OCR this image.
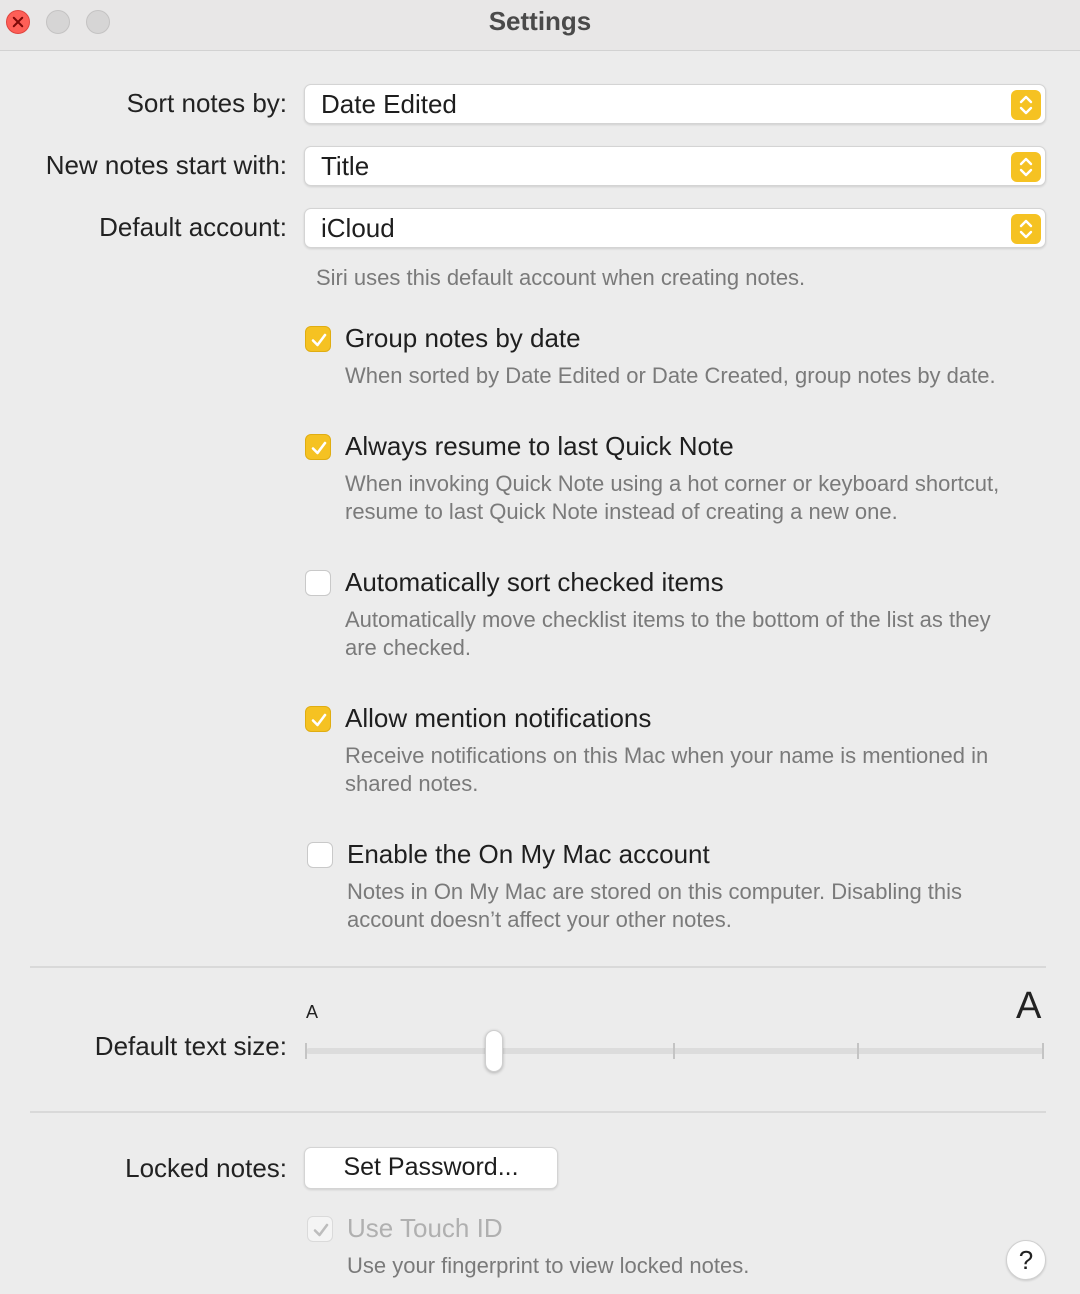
Settings
Sort notes by: Date Edited
New notes start with: Title
Default account: iCloud
Siri uses this default account when creating notes.
Group notes by date
When sorted by Date Edited or Date Created, group notes by date.
Always resume to last Quick Note
When invoking Quick Note using a hot corner or keyboard shortcut, resume to last Quick Note instead of creating a new one.
Automatically sort checked items
Automatically move checklist items to the bottom of the list as they are checked.
Allow mention notifications
Receive notifications on this Mac when your name is mentioned in shared notes.
Enable the On My Mac account
Notes in On My Mac are stored on this computer. Disabling this account doesn’t affect your other notes.
Default text size:
A	A
Locked notes:	Set Password...
Use Touch ID
Use your fingerprint to view locked notes.	?
